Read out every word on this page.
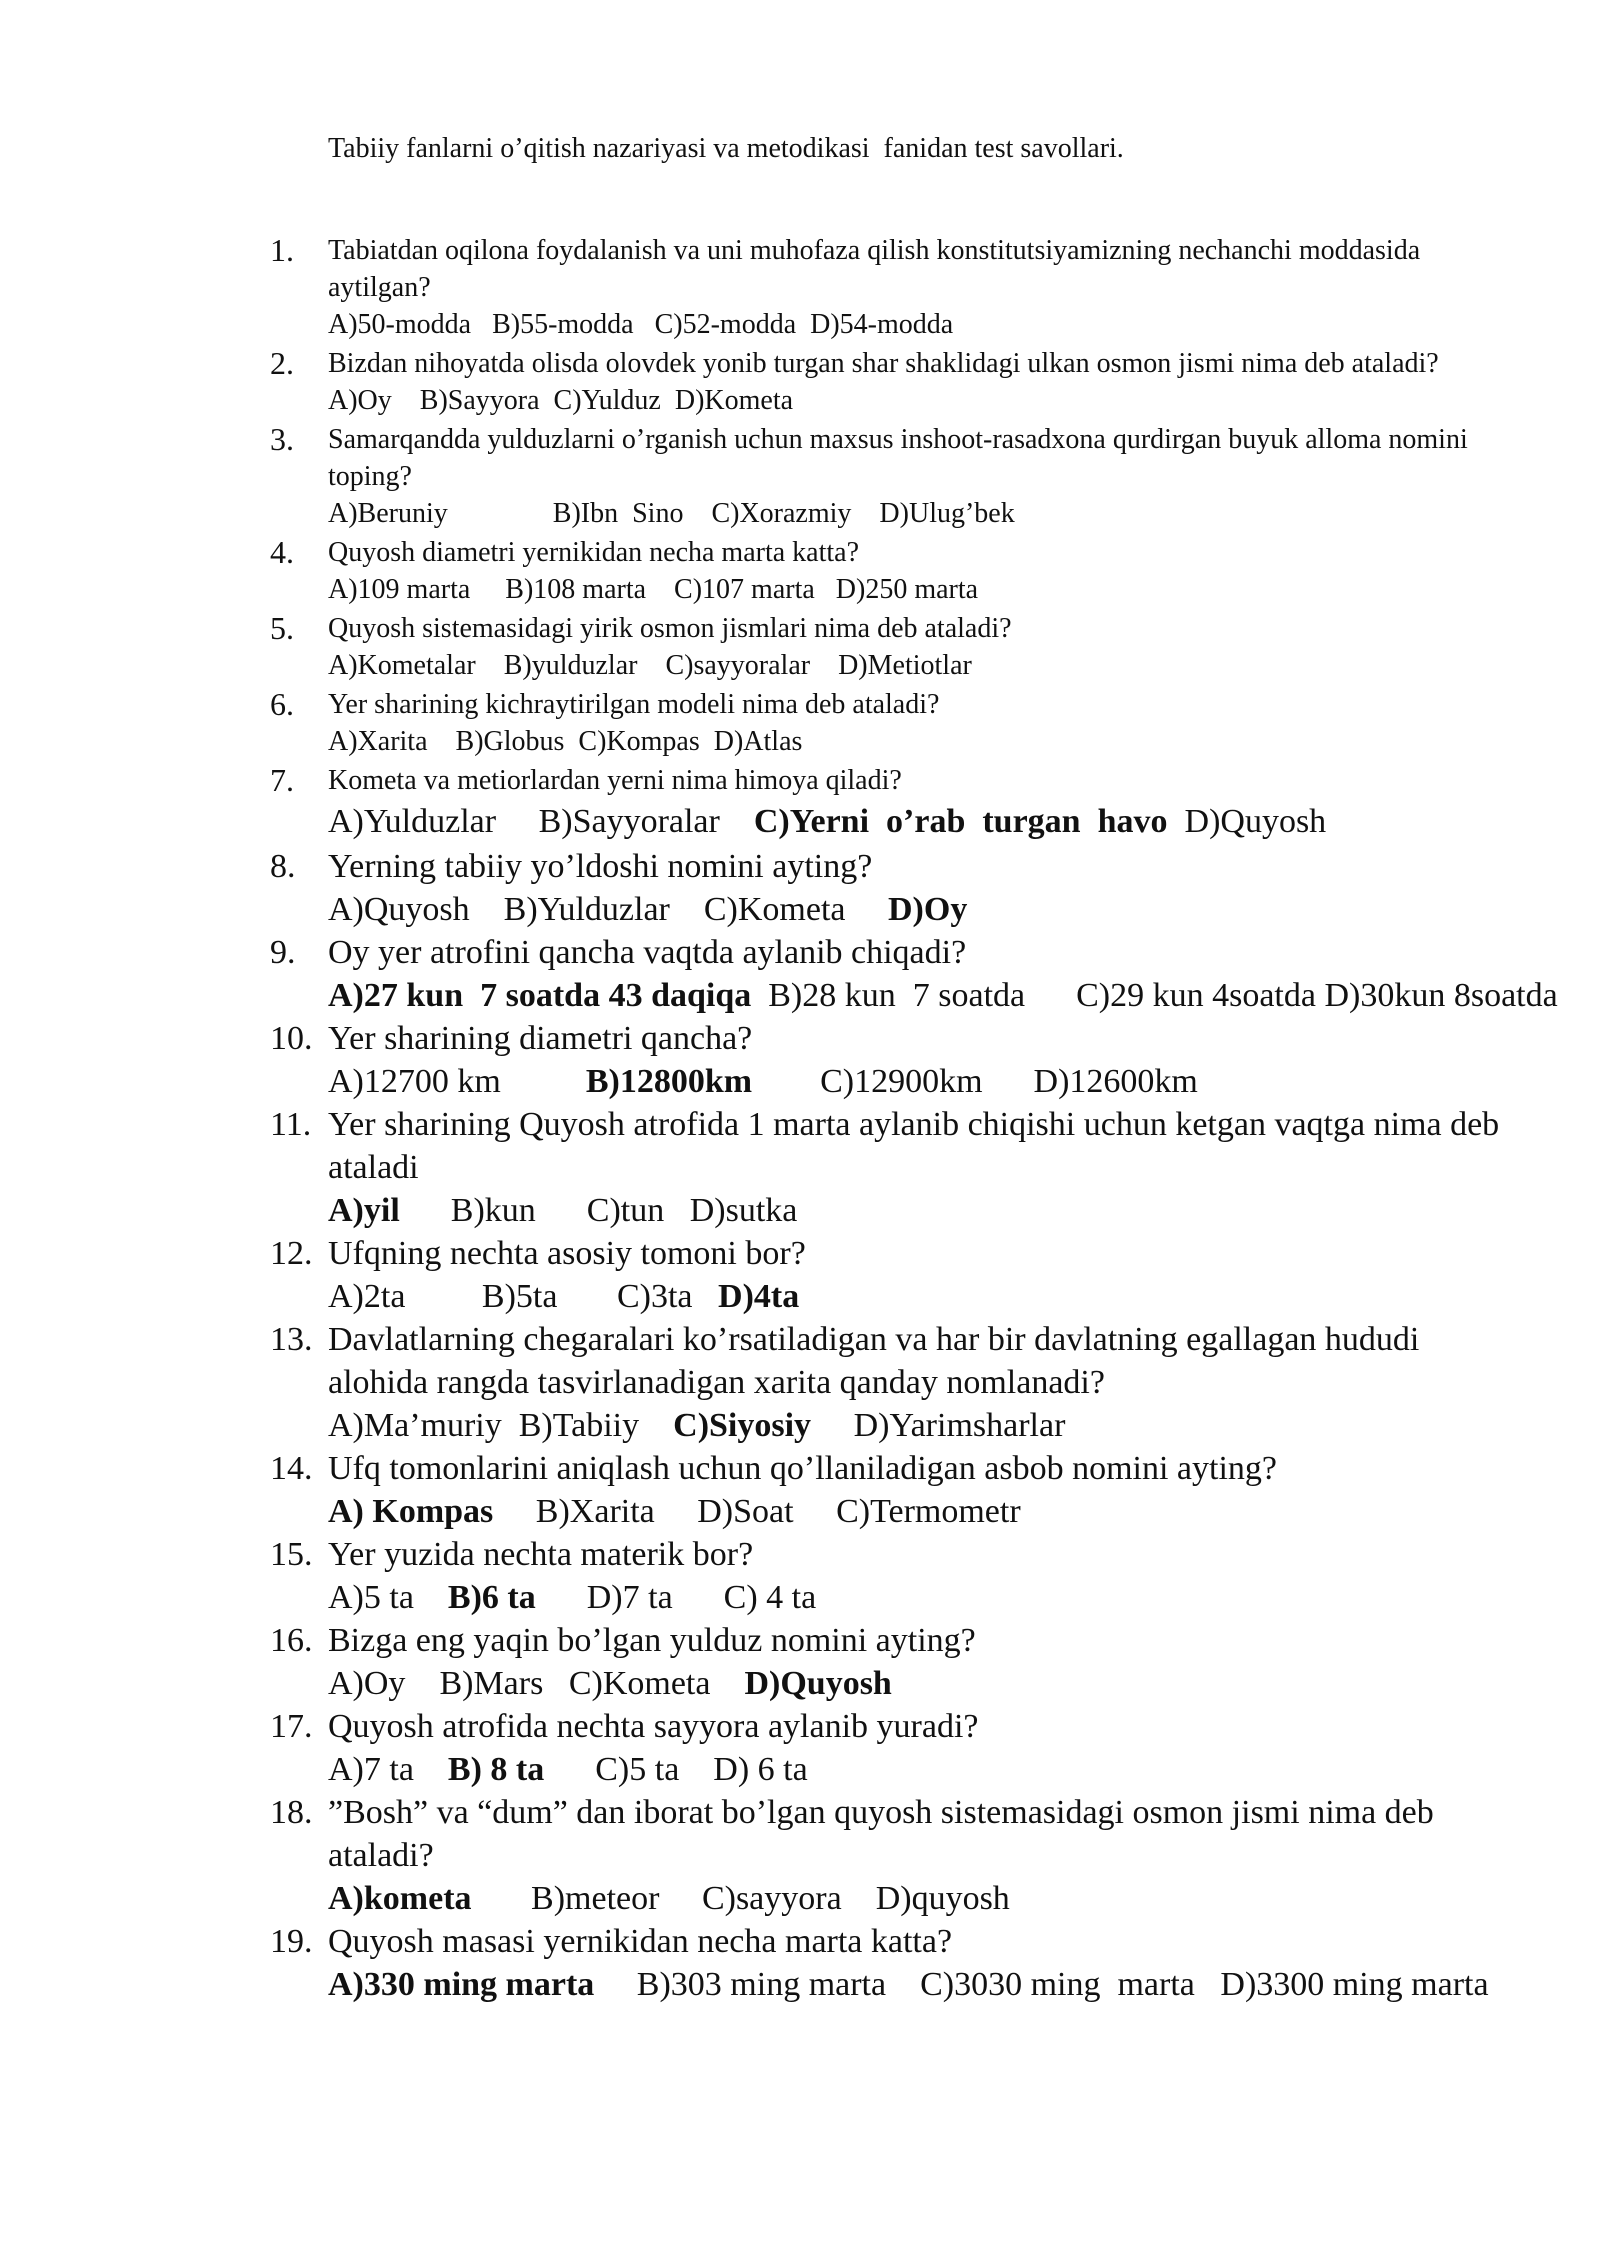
Tabiiy fanlarni o’qitish nazariyasi va metodikasi  fanidan test savollari.
1.	Tabiatdan oqilona foydalanish va uni muhofaza qilish konstitutsiyamizning nechanchi moddasida aytilgan?
A)50-modda   B)55-modda   C)52-modda  D)54-modda
2.	Bizdan nihoyatda olisda olovdek yonib turgan shar shaklidagi ulkan osmon jismi nima deb ataladi?
A)Oy    B)Sayyora  C)Yulduz  D)Kometa
3.	Samarqandda yulduzlarni o’rganish uchun maxsus inshoot-rasadxona qurdirgan buyuk alloma nomini toping?
A)Beruniy               B)Ibn  Sino    C)Xorazmiy    D)Ulug’bek
4.	Quyosh diametri yernikidan necha marta katta?
A)109 marta     B)108 marta    C)107 marta   D)250 marta
5.	Quyosh sistemasidagi yirik osmon jismlari nima deb ataladi?
A)Kometalar    B)yulduzlar    C)sayyoralar    D)Metiotlar
6.	Yer sharining kichraytirilgan modeli nima deb ataladi?
A)Xarita    B)Globus  C)Kompas  D)Atlas
7.	Kometa va metiorlardan yerni nima himoya qiladi?
A)Yulduzlar     B)Sayyoralar    C)Yerni  o’rab  turgan  havo  D)Quyosh
8. Yerning tabiiy yo’ldoshi nomini ayting?
A)Quyosh    B)Yulduzlar    C)Kometa     D)Oy
9. Oy yer atrofini qancha vaqtda aylanib chiqadi?
A)27 kun  7 soatda 43 daqiqa  B)28 kun  7 soatda      C)29 kun 4soatda D)30kun 8soatda
10. Yer sharining diametri qancha?
A)12700 km          B)12800km        C)12900km      D)12600km
11. Yer sharining Quyosh atrofida 1 marta aylanib chiqishi uchun ketgan vaqtga nima deb ataladi
A)yil      B)kun      C)tun   D)sutka
12. Ufqning nechta asosiy tomoni bor?
A)2ta         B)5ta       C)3ta   D)4ta
13. Davlatlarning chegaralari ko’rsatiladigan va har bir davlatning egallagan hududi alohida rangda tasvirlanadigan xarita qanday nomlanadi?
A)Ma’muriy  B)Tabiiy    C)Siyosiy     D)Yarimsharlar
14. Ufq tomonlarini aniqlash uchun qo’llaniladigan asbob nomini ayting?
A) Kompas     B)Xarita     D)Soat     C)Termometr
15. Yer yuzida nechta materik bor?
A)5 ta    B)6 ta      D)7 ta      C) 4 ta
16. Bizga eng yaqin bo’lgan yulduz nomini ayting?
A)Oy    B)Mars   C)Kometa    D)Quyosh
17. Quyosh atrofida nechta sayyora aylanib yuradi?
A)7 ta    B) 8 ta      C)5 ta    D) 6 ta
18. ”Bosh” va “dum” dan iborat bo’lgan quyosh sistemasidagi osmon jismi nima deb ataladi?
A)kometa       B)meteor     C)sayyora    D)quyosh
19. Quyosh masasi yernikidan necha marta katta?
A)330 ming marta     B)303 ming marta    C)3030 ming  marta   D)3300 ming marta
